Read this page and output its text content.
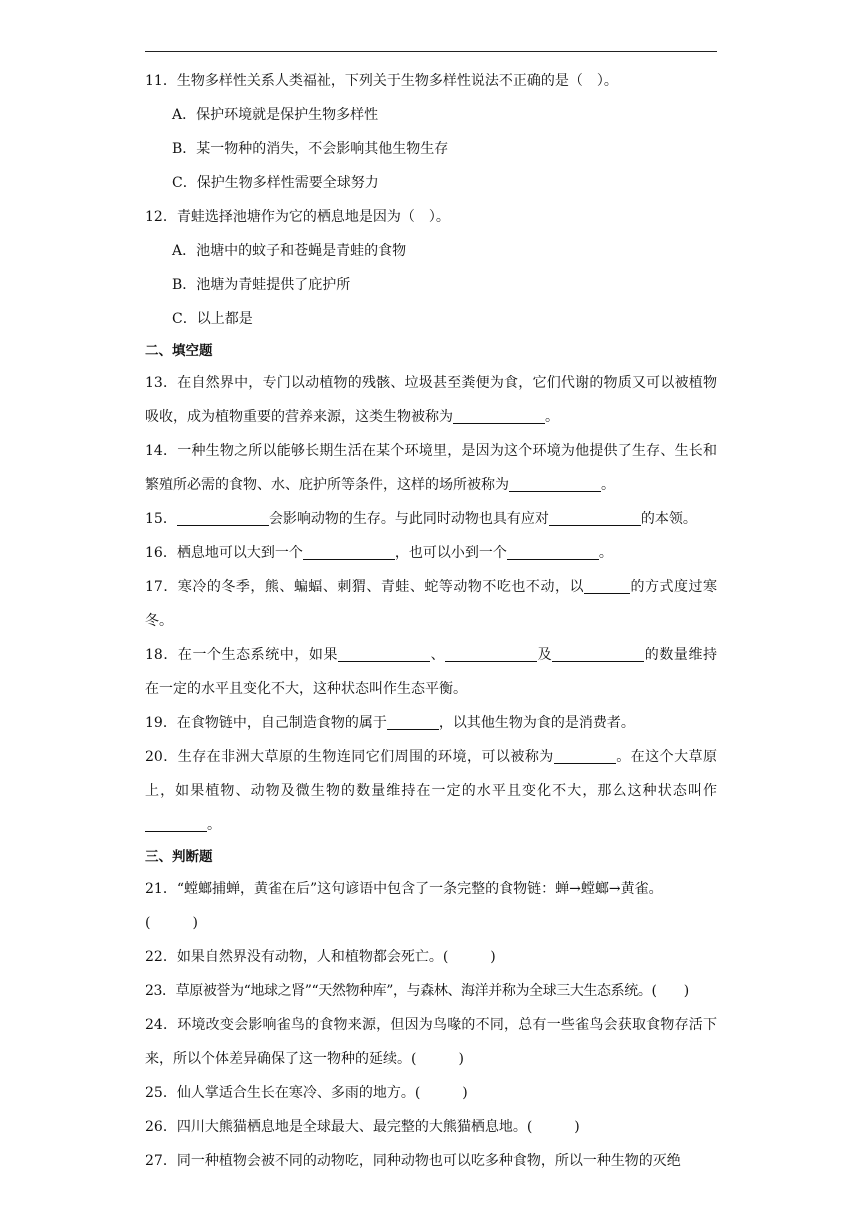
11．生物多样性关系人类福祉，下列关于生物多样性说法不正确的是（　）。

A．保护环境就是保护生物多样性

B．某一物种的消失，不会影响其他生物生存

C．保护生物多样性需要全球努力

12．青蛙选择池塘作为它的栖息地是因为（　）。

A．池塘中的蚊子和苍蝇是青蛙的食物

B．池塘为青蛙提供了庇护所

C．以上都是

二、填空题

13．在自然界中，专门以动植物的残骸、垃圾甚至粪便为食，它们代谢的物质又可以被植物吸收，成为植物重要的营养来源，这类生物被称为	。

14．一种生物之所以能够长期生活在某个环境里，是因为这个环境为他提供了生存、生长和繁殖所必需的食物、水、庇护所等条件，这样的场所被称为	。

15．	会影响动物的生存。与此同时动物也具有应对	的本领。

16．栖息地可以大到一个	，也可以小到一个	。

17．寒冷的冬季，熊、蝙蝠、刺猬、青蛙、蛇等动物不吃也不动，以	的方式度过寒冬。

18．在一个生态系统中，如果	、	及	的数量维持在一定的水平且变化不大，这种状态叫作生态平衡。

19．在食物链中，自己制造食物的属于	，以其他生物为食的是消费者。

20．生存在非洲大草原的生物连同它们周围的环境，可以被称为	。在这个大草原上，如果植物、动物及微生物的数量维持在一定的水平且变化不大，那么这种状态叫作。

三、判断题

21．“螳螂捕蝉，黄雀在后”这句谚语中包含了一条完整的食物链：蝉→螳螂→黄雀。

(　　　)

22．如果自然界没有动物，人和植物都会死亡。(　　　)

23．草原被誉为“地球之肾”“天然物种库”，与森林、海洋并称为全球三大生态系统。(　　)

24．环境改变会影响雀鸟的食物来源，但因为鸟喙的不同，总有一些雀鸟会获取食物存活下来，所以个体差异确保了这一物种的延续。(　　　)

25．仙人掌适合生长在寒冷、多雨的地方。(　　　)

26．四川大熊猫栖息地是全球最大、最完整的大熊猫栖息地。(　　　)

27．同一种植物会被不同的动物吃，同种动物也可以吃多种食物，所以一种生物的灭绝
